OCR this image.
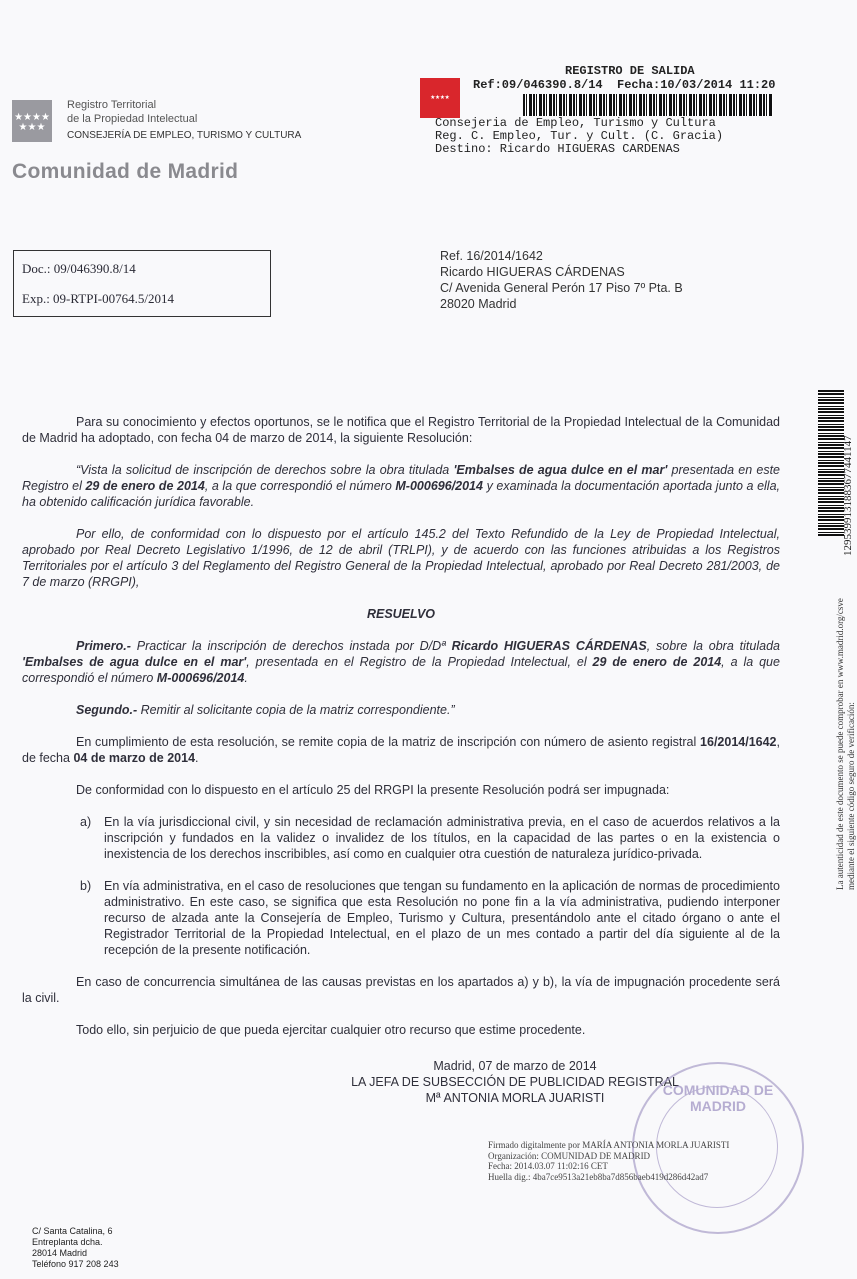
★★★★
★★★
Registro Territorial
de la Propiedad Intelectual
CONSEJERÍA DE EMPLEO, TURISMO Y CULTURA
Comunidad de Madrid
★★★★
REGISTRO DE SALIDA
Ref:09/046390.8/14  Fecha:10/03/2014 11:20
Consejeria de Empleo, Turismo y Cultura
Reg. C. Empleo, Tur. y Cult. (C. Gracia)
Destino: Ricardo HIGUERAS CARDENAS
Doc.: 09/046390.8/14
Exp.: 09-RTPI-00764.5/2014
Ref. 16/2014/1642
Ricardo HIGUERAS CÁRDENAS
C/ Avenida General Perón 17 Piso 7º Pta. B
28020 Madrid

Para su conocimiento y efectos oportunos, se le notifica que el Registro Territorial de la Propiedad Intelectual de la Comunidad de Madrid ha adoptado, con fecha 04 de marzo de 2014, la siguiente Resolución:

“Vista la solicitud de inscripción de derechos sobre la obra titulada 'Embalses de agua dulce en el mar' presentada en este Registro el 29 de enero de 2014, a la que correspondió el número M-000696/2014 y examinada la documentación aportada junto a ella, ha obtenido calificación jurídica favorable.

Por ello, de conformidad con lo dispuesto por el artículo 145.2 del Texto Refundido de la Ley de Propiedad Intelectual, aprobado por Real Decreto Legislativo 1/1996, de 12 de abril (TRLPI), y de acuerdo con las funciones atribuidas a los Registros Territoriales por el artículo 3 del Reglamento del Registro General de la Propiedad Intelectual, aprobado por Real Decreto 281/2003, de 7 de marzo (RRGPI),

RESUELVO

Primero.- Practicar la inscripción de derechos instada por D/Dª Ricardo HIGUERAS CÁRDENAS, sobre la obra titulada 'Embalses de agua dulce en el mar', presentada en el Registro de la Propiedad Intelectual, el 29 de enero de 2014, a la que correspondió el número M-000696/2014.

Segundo.- Remitir al solicitante copia de la matriz correspondiente.”

En cumplimiento de esta resolución, se remite copia de la matriz de inscripción con número de asiento registral 16/2014/1642, de fecha 04 de marzo de 2014.

De conformidad con lo dispuesto en el artículo 25 del RRGPI la presente Resolución podrá ser impugnada:

a) En la vía jurisdiccional civil, y sin necesidad de reclamación administrativa previa, en el caso de acuerdos relativos a la inscripción y fundados en la validez o invalidez de los títulos, en la capacidad de las partes o en la existencia o inexistencia de los derechos inscribibles, así como en cualquier otra cuestión de naturaleza jurídico-privada.

b) En vía administrativa, en el caso de resoluciones que tengan su fundamento en la aplicación de normas de procedimiento administrativo. En este caso, se significa que esta Resolución no pone fin a la vía administrativa, pudiendo interponer recurso de alzada ante la Consejería de Empleo, Turismo y Cultura, presentándolo ante el citado órgano o ante el Registrador Territorial de la Propiedad Intelectual, en el plazo de un mes contado a partir del día siguiente al de la recepción de la presente notificación.

En caso de concurrencia simultánea de las causas previstas en los apartados a) y b), la vía de impugnación procedente será la civil.

Todo ello, sin perjuicio de que pueda ejercitar cualquier otro recurso que estime procedente.

Madrid, 07 de marzo de 2014
LA JEFA DE SUBSECCIÓN DE PUBLICIDAD REGISTRAL
Mª ANTONIA MORLA JUARISTI	COMUNIDAD DE MADRID
Firmado digitalmente por MARÍA ANTONIA MORLA JUARISTI
Organización: COMUNIDAD DE MADRID
Fecha: 2014.03.07 11:02:16 CET
Huella dig.: 4ba7ce9513a21eb8ba7d856baeb419d286d42ad7
C/ Santa Catalina, 6
Entreplanta dcha.
28014 Madrid
Teléfono 917 208 243
La autenticidad de este documento se puede comprobar en www.madrid.org/csve mediante el siguiente código seguro de verificación:
1295399131883677441147
